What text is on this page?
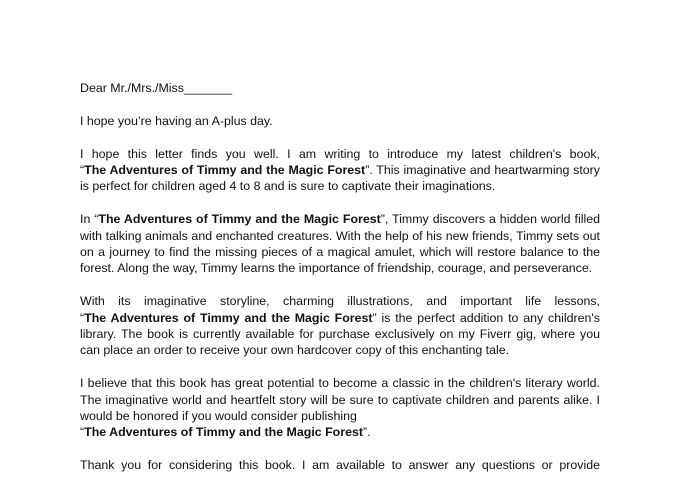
Dear Mr./Mrs./Miss_______

I hope you’re having an A-plus day.

I hope this letter finds you well. I am writing to introduce my latest children's book,
“The Adventures of Timmy and the Magic Forest”. This imaginative and heartwarming story is perfect for children aged 4 to 8 and is sure to captivate their imaginations.

In “The Adventures of Timmy and the Magic Forest”, Timmy discovers a hidden world filled with talking animals and enchanted creatures. With the help of his new friends, Timmy sets out on a journey to find the missing pieces of a magical amulet, which will restore balance to the forest. Along the way, Timmy learns the importance of friendship, courage, and perseverance.

With its imaginative storyline, charming illustrations, and important life lessons,
“The Adventures of Timmy and the Magic Forest” is the perfect addition to any children's library. The book is currently available for purchase exclusively on my Fiverr gig, where you can place an order to receive your own hardcover copy of this enchanting tale.

I believe that this book has great potential to become a classic in the children's literary world. The imaginative world and heartfelt story will be sure to captivate children and parents alike. I would be honored if you would consider publishing
“The Adventures of Timmy and the Magic Forest”.

Thank you for considering this book. I am available to answer any questions or provide
